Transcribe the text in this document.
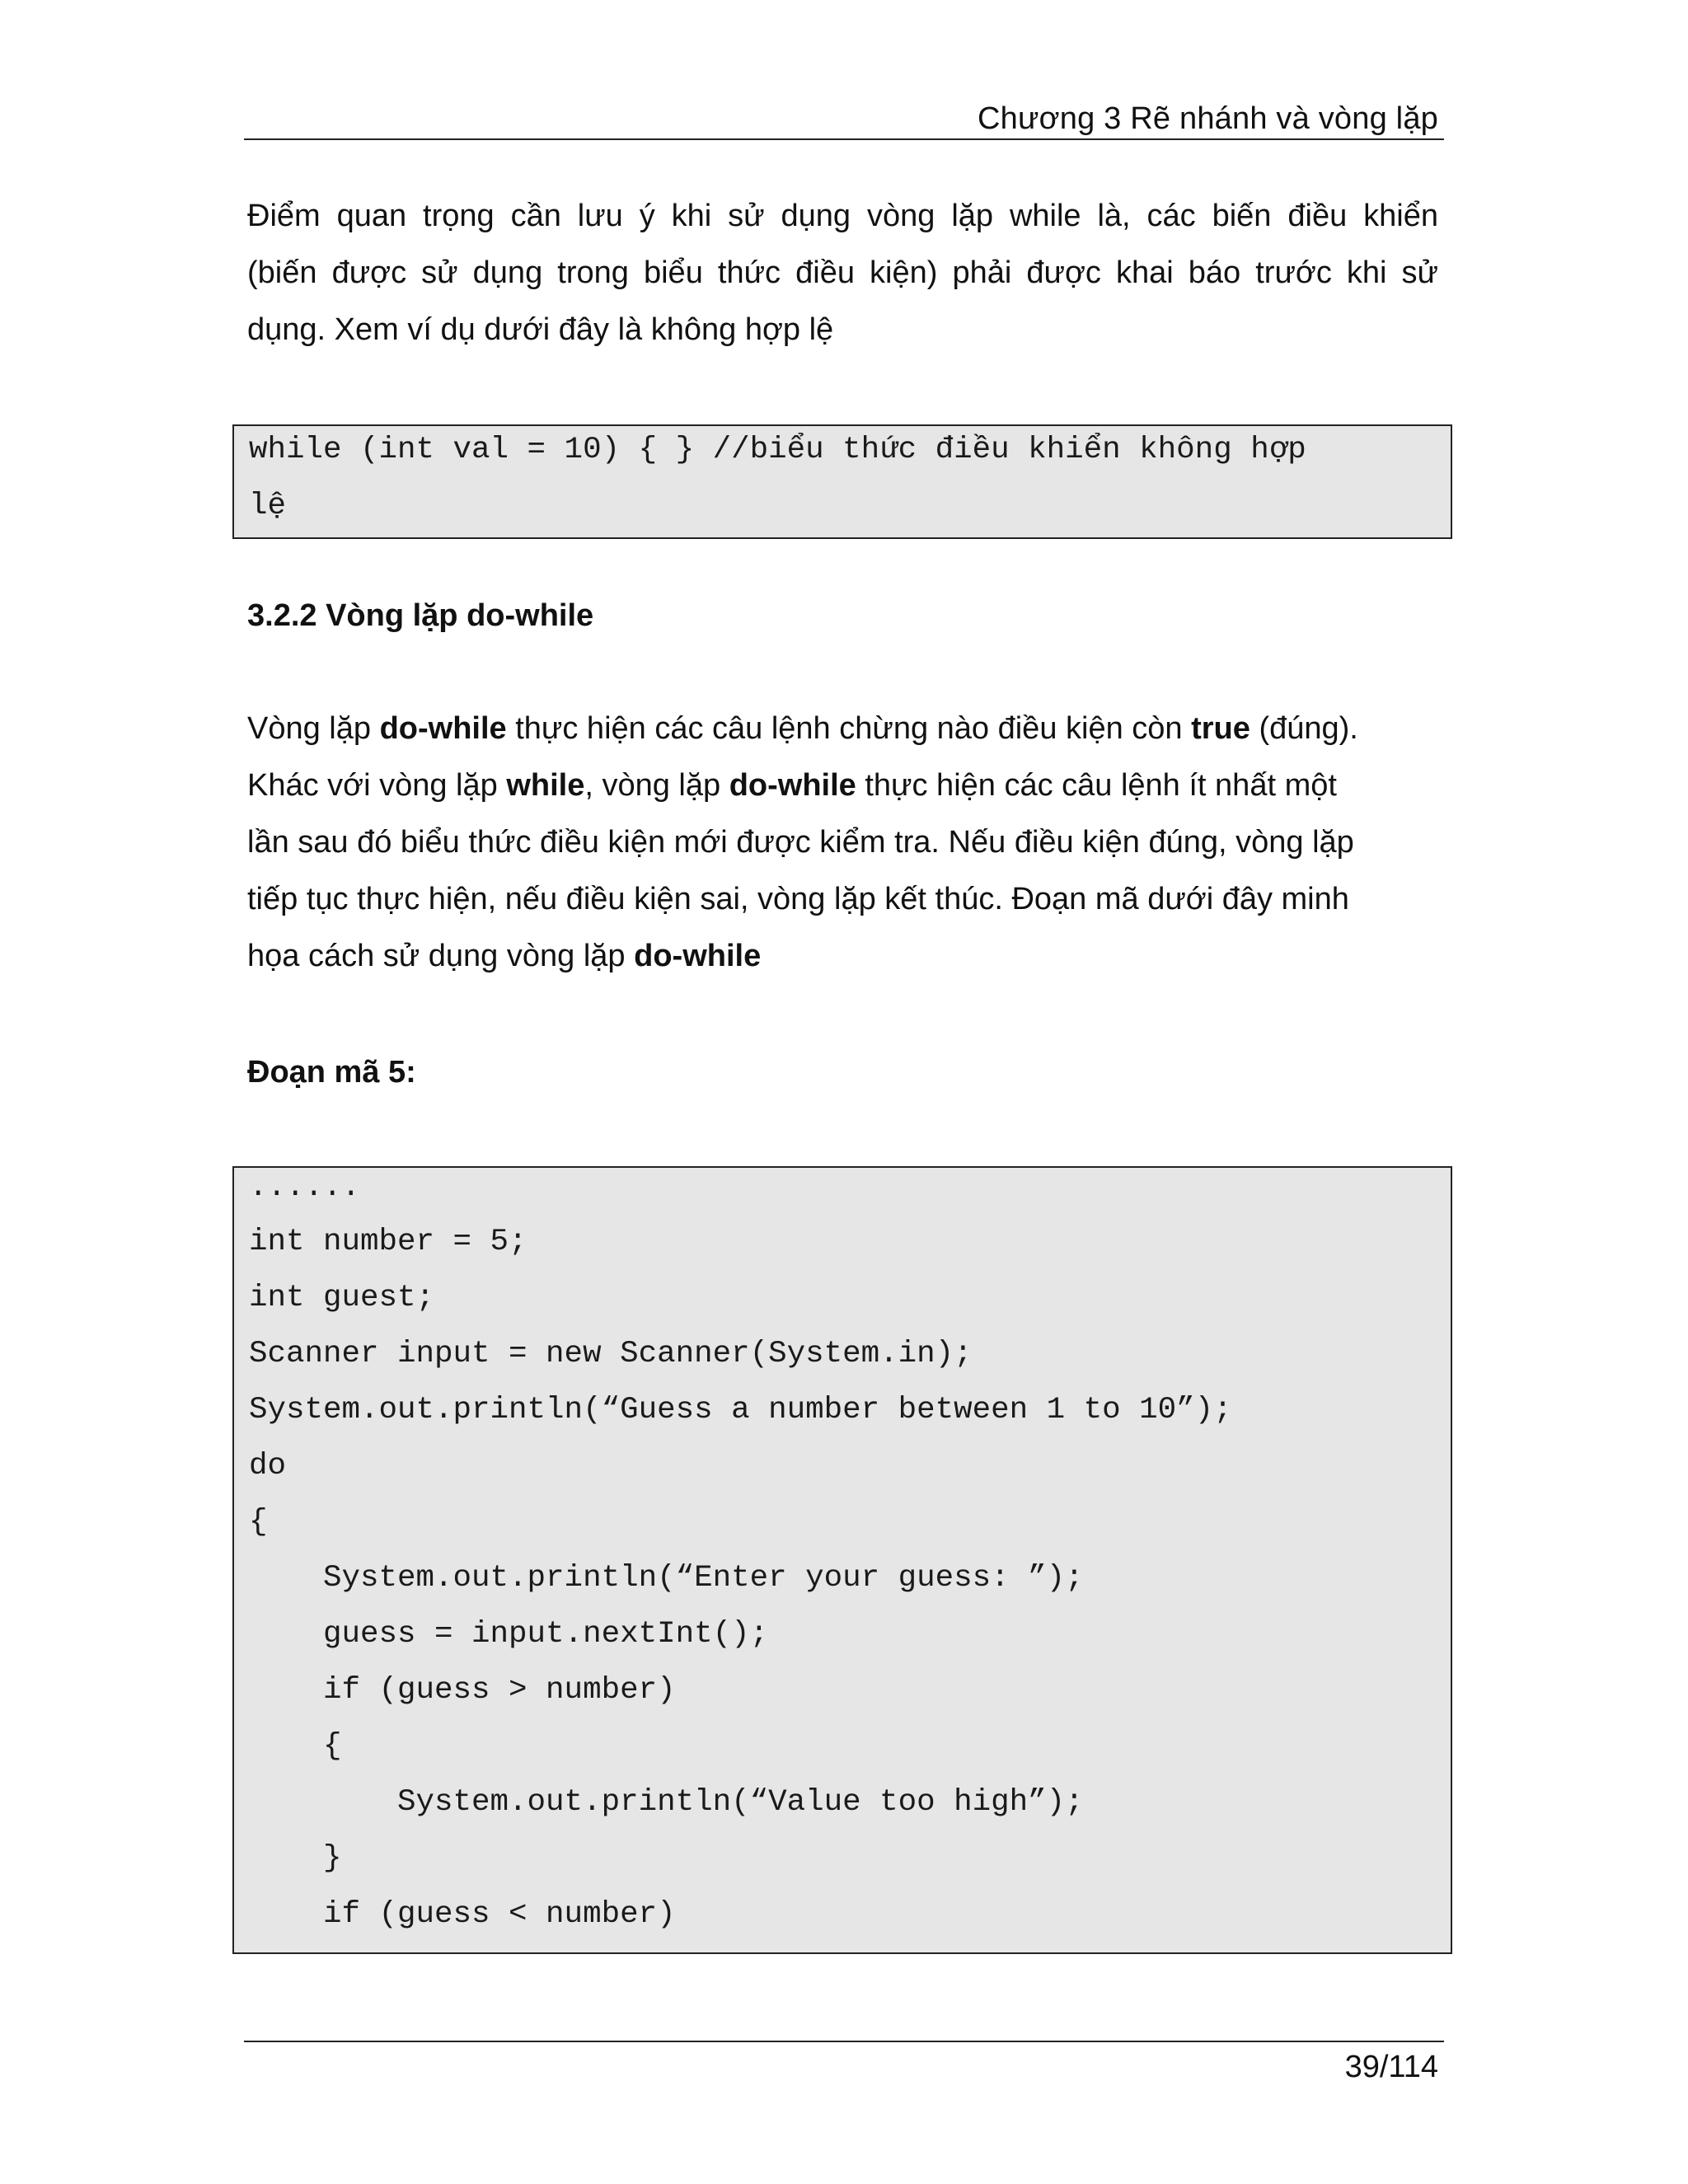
Chương 3 Rẽ nhánh và vòng lặp
Điểm quan trọng cần lưu ý khi sử dụng vòng lặp while là, các biến điều khiển
(biến được sử dụng trong biểu thức điều kiện) phải được khai báo trước khi sử
dụng. Xem ví dụ dưới đây là không hợp lệ
while (int val = 10) { } //biểu thức điều khiển không hợp
lệ
3.2.2 Vòng lặp do-while
Vòng lặp do-while thực hiện các câu lệnh chừng nào điều kiện còn true (đúng).
Khác với vòng lặp while, vòng lặp do-while thực hiện các câu lệnh ít nhất một
lần sau đó biểu thức điều kiện mới được kiểm tra. Nếu điều kiện đúng, vòng lặp
tiếp tục thực hiện, nếu điều kiện sai, vòng lặp kết thúc. Đoạn mã dưới đây minh
họa cách sử dụng vòng lặp do-while
Đoạn mã 5:
......
int number = 5;
int guest;
Scanner input = new Scanner(System.in);
System.out.println(“Guess a number between 1 to 10”);
do
{
System.out.println(“Enter your guess: ”);
guess = input.nextInt();
if (guess > number)
{
System.out.println(“Value too high”);
}
if (guess < number)
39/114
